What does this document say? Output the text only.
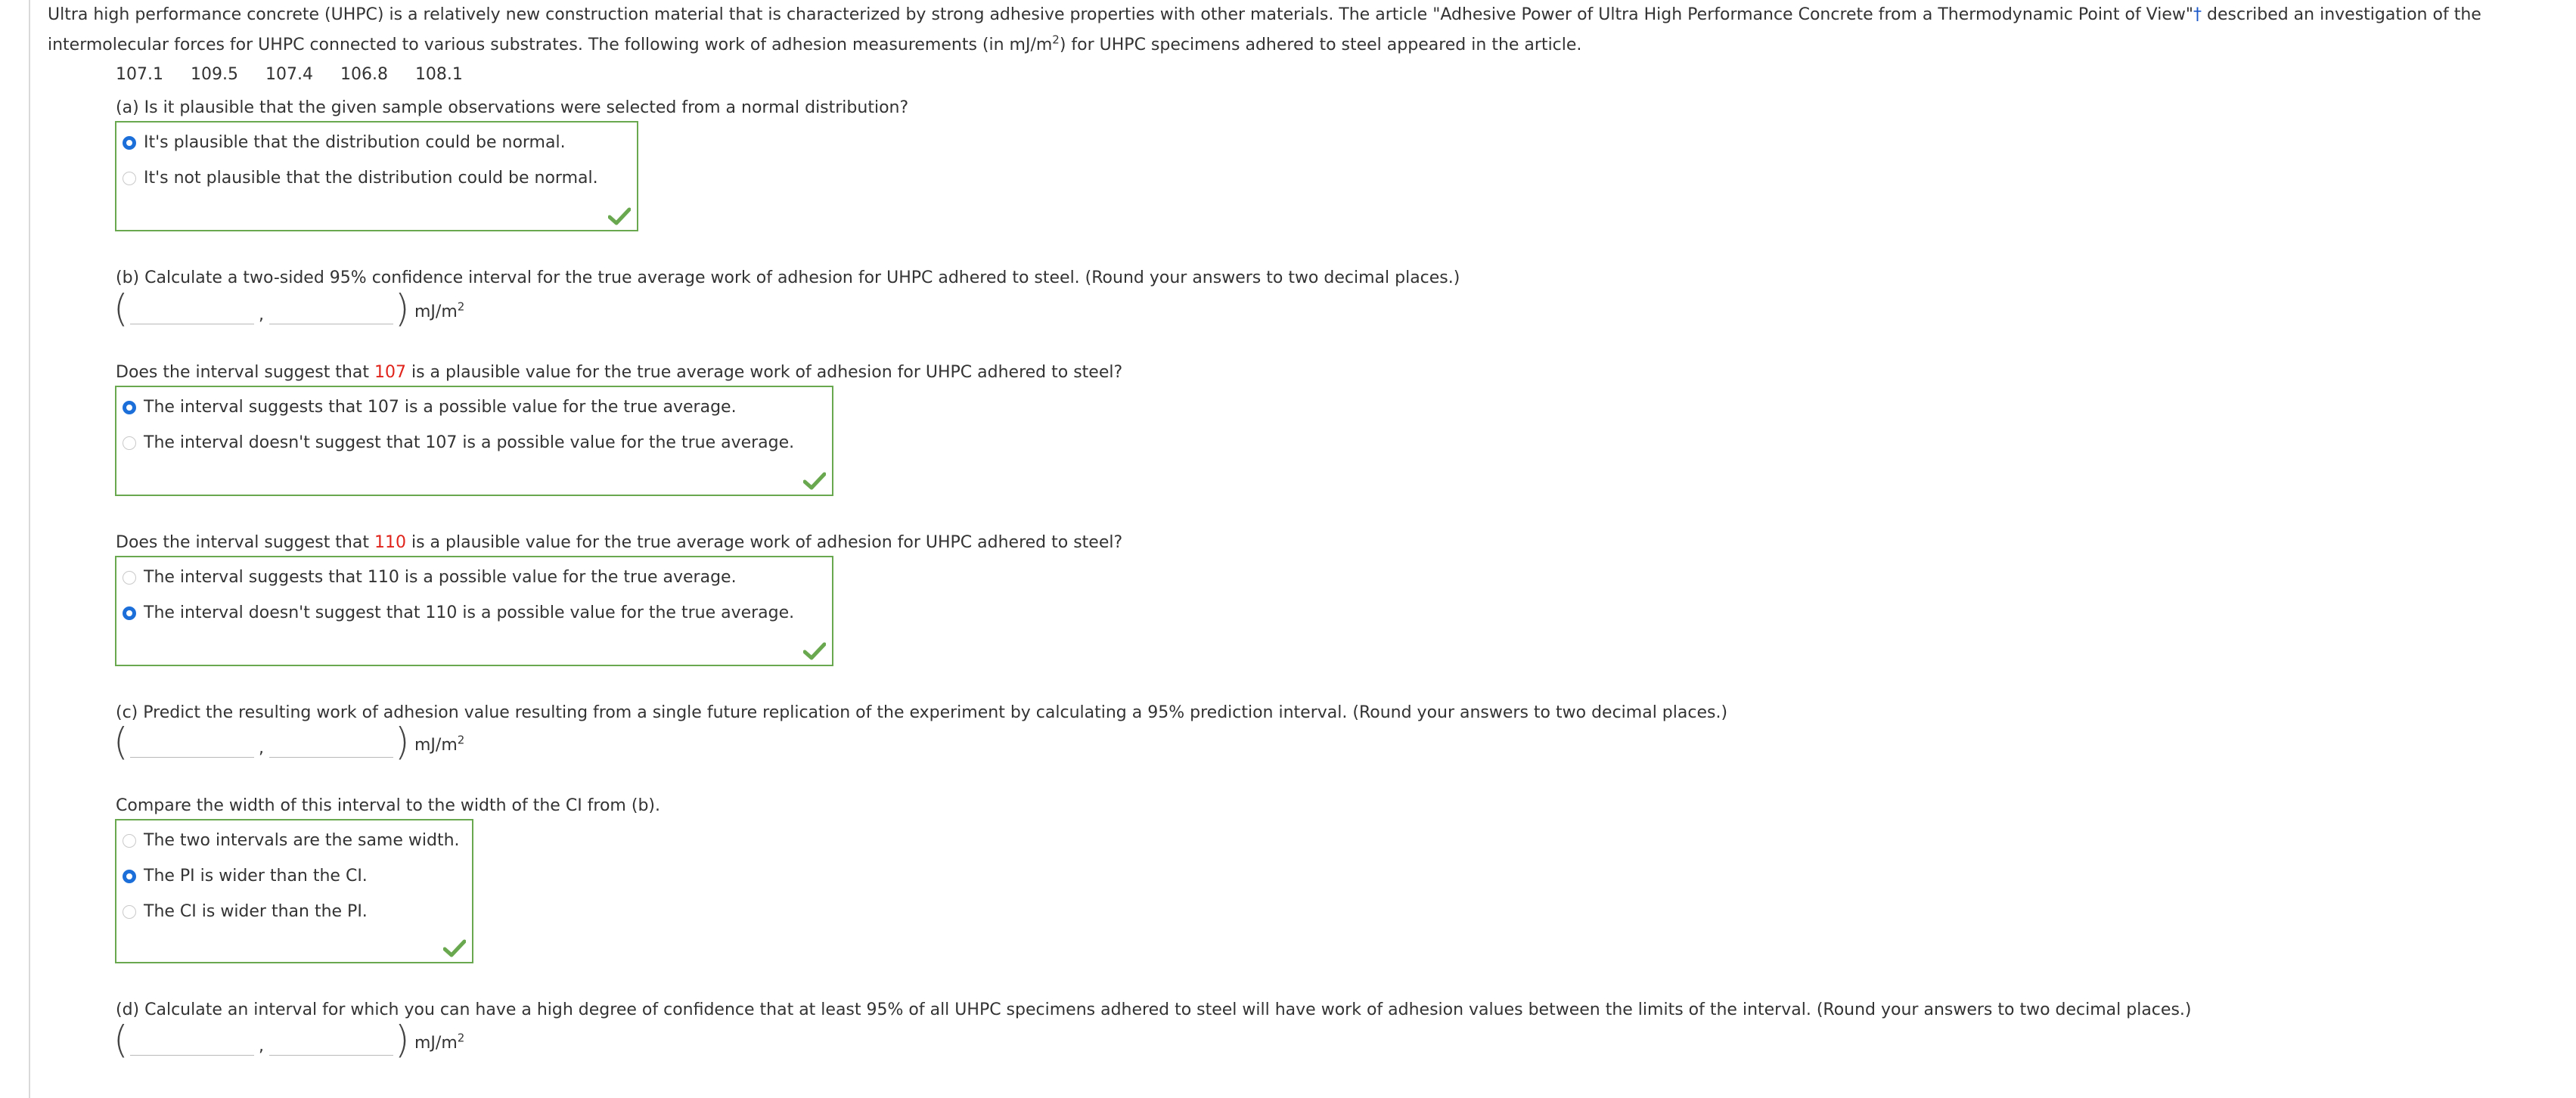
Ultra high performance concrete (UHPC) is a relatively new construction material that is characterized by strong adhesive properties with other materials. The article "Adhesive Power of Ultra High Performance Concrete from a Thermodynamic Point of View"† described an investigation of the intermolecular forces for UHPC connected to various substrates. The following work of adhesion measurements (in $mJ/m^2$) for UHPC specimens adhered to steel appeared in the article.
107.1 109.5 107.4 106.8 108.1
(a) Is it plausible that the given sample observations were selected from a normal distribution?
It's plausible that the distribution could be normal.
It's not plausible that the distribution could be normal.
(b) Calculate a two-sided 95% confidence interval for the true average work of adhesion for UHPC adhered to steel. (Round your answers to two decimal places.)
(	,	) $mJ/m^2$
Does the interval suggest that 107 is a plausible value for the true average work of adhesion for UHPC adhered to steel?
The interval suggests that 107 is a possible value for the true average.
The interval doesn't suggest that 107 is a possible value for the true average.
Does the interval suggest that 110 is a plausible value for the true average work of adhesion for UHPC adhered to steel?
The interval suggests that 110 is a possible value for the true average.
The interval doesn't suggest that 110 is a possible value for the true average.
(c) Predict the resulting work of adhesion value resulting from a single future replication of the experiment by calculating a 95% prediction interval. (Round your answers to two decimal places.)
(	,	) $mJ/m^2$
Compare the width of this interval to the width of the CI from (b).
The two intervals are the same width.
The PI is wider than the CI.
The CI is wider than the PI.
(d) Calculate an interval for which you can have a high degree of confidence that at least 95% of all UHPC specimens adhered to steel will have work of adhesion values between the limits of the interval. (Round your answers to two decimal places.)
(	,	) $mJ/m^2$
